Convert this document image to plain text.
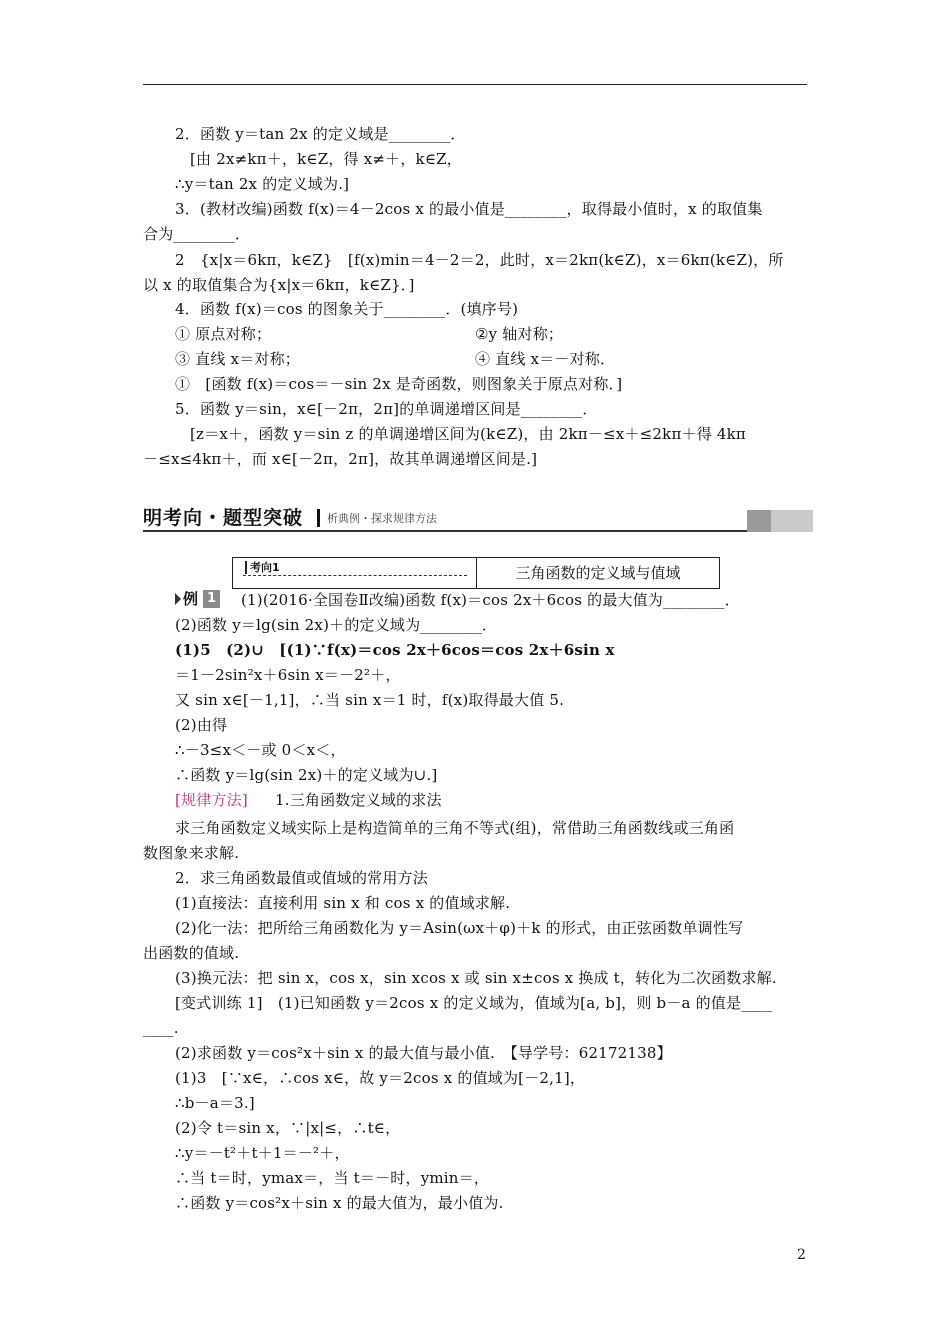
2．函数 y＝tan 2x 的定义域是________．
[由 2x≠kπ＋，k∈Z，得 x≠＋，k∈Z，
∴y＝tan 2x 的定义域为.]
3．(教材改编)函数 f(x)＝4－2cos x 的最小值是________，取得最小值时，x 的取值集
合为________．
2　{x|x＝6kπ，k∈Z}　[f(x)min＝4－2＝2，此时，x＝2kπ(k∈Z)，x＝6kπ(k∈Z)，所
以 x 的取值集合为{x|x＝6kπ，k∈Z}．]
4．函数 f(x)＝cos 的图象关于________．(填序号)
① 原点对称；	②y 轴对称；
③ 直线 x＝对称；	④ 直线 x＝－对称．
①　[函数 f(x)＝cos＝－sin 2x 是奇函数，则图象关于原点对称．]
5．函数 y＝sin，x∈[－2π，2π]的单调递增区间是________．
[z＝x＋，函数 y＝sin z 的单调递增区间为(k∈Z)，由 2kπ－≤x＋≤2kπ＋得 4kπ
－≤x≤4kπ＋，而 x∈[－2π，2π]，故其单调递增区间是.]
明考向・题型突破 析典例・探求规律方法
考向1	三角函数的定义域与值域
例 1 (1)(2016·全国卷Ⅱ改编)函数 f(x)＝cos 2x＋6cos 的最大值为________．
(2)函数 y＝lg(sin 2x)＋的定义域为________．
(1)5　(2)∪　[(1)∵f(x)＝cos 2x＋6cos＝cos 2x＋6sin x
＝1－2sin²x＋6sin x＝－2²＋，
又 sin x∈[－1,1]，∴当 sin x＝1 时，f(x)取得最大值 5.
(2)由得
∴－3≤x＜－或 0＜x＜，
∴函数 y＝lg(sin 2x)＋的定义域为∪.]
[规律方法] 1.三角函数定义域的求法
求三角函数定义域实际上是构造简单的三角不等式(组)，常借助三角函数线或三角函
数图象来求解.
2．求三角函数最值或值域的常用方法
(1)直接法：直接利用 sin x 和 cos x 的值域求解.
(2)化一法：把所给三角函数化为 y＝Asin(ωx＋φ)＋k 的形式，由正弦函数单调性写
出函数的值域.
(3)换元法：把 sin x，cos x，sin xcos x 或 sin x±cos x 换成 t，转化为二次函数求解.
[变式训练 1]　(1)已知函数 y＝2cos x 的定义域为，值域为[a, b]，则 b－a 的值是____
____.
(2)求函数 y＝cos²x＋sin x 的最大值与最小值.　【导学号：62172138】
(1)3　[∵x∈，∴cos x∈，故 y＝2cos x 的值域为[－2,1]，
∴b－a＝3.]
(2)令 t＝sin x，∵|x|≤，∴t∈，
∴y＝－t²＋t＋1＝－²＋，
∴当 t＝时，ymax＝，当 t＝－时，ymin＝，
∴函数 y＝cos²x＋sin x 的最大值为，最小值为.
2
